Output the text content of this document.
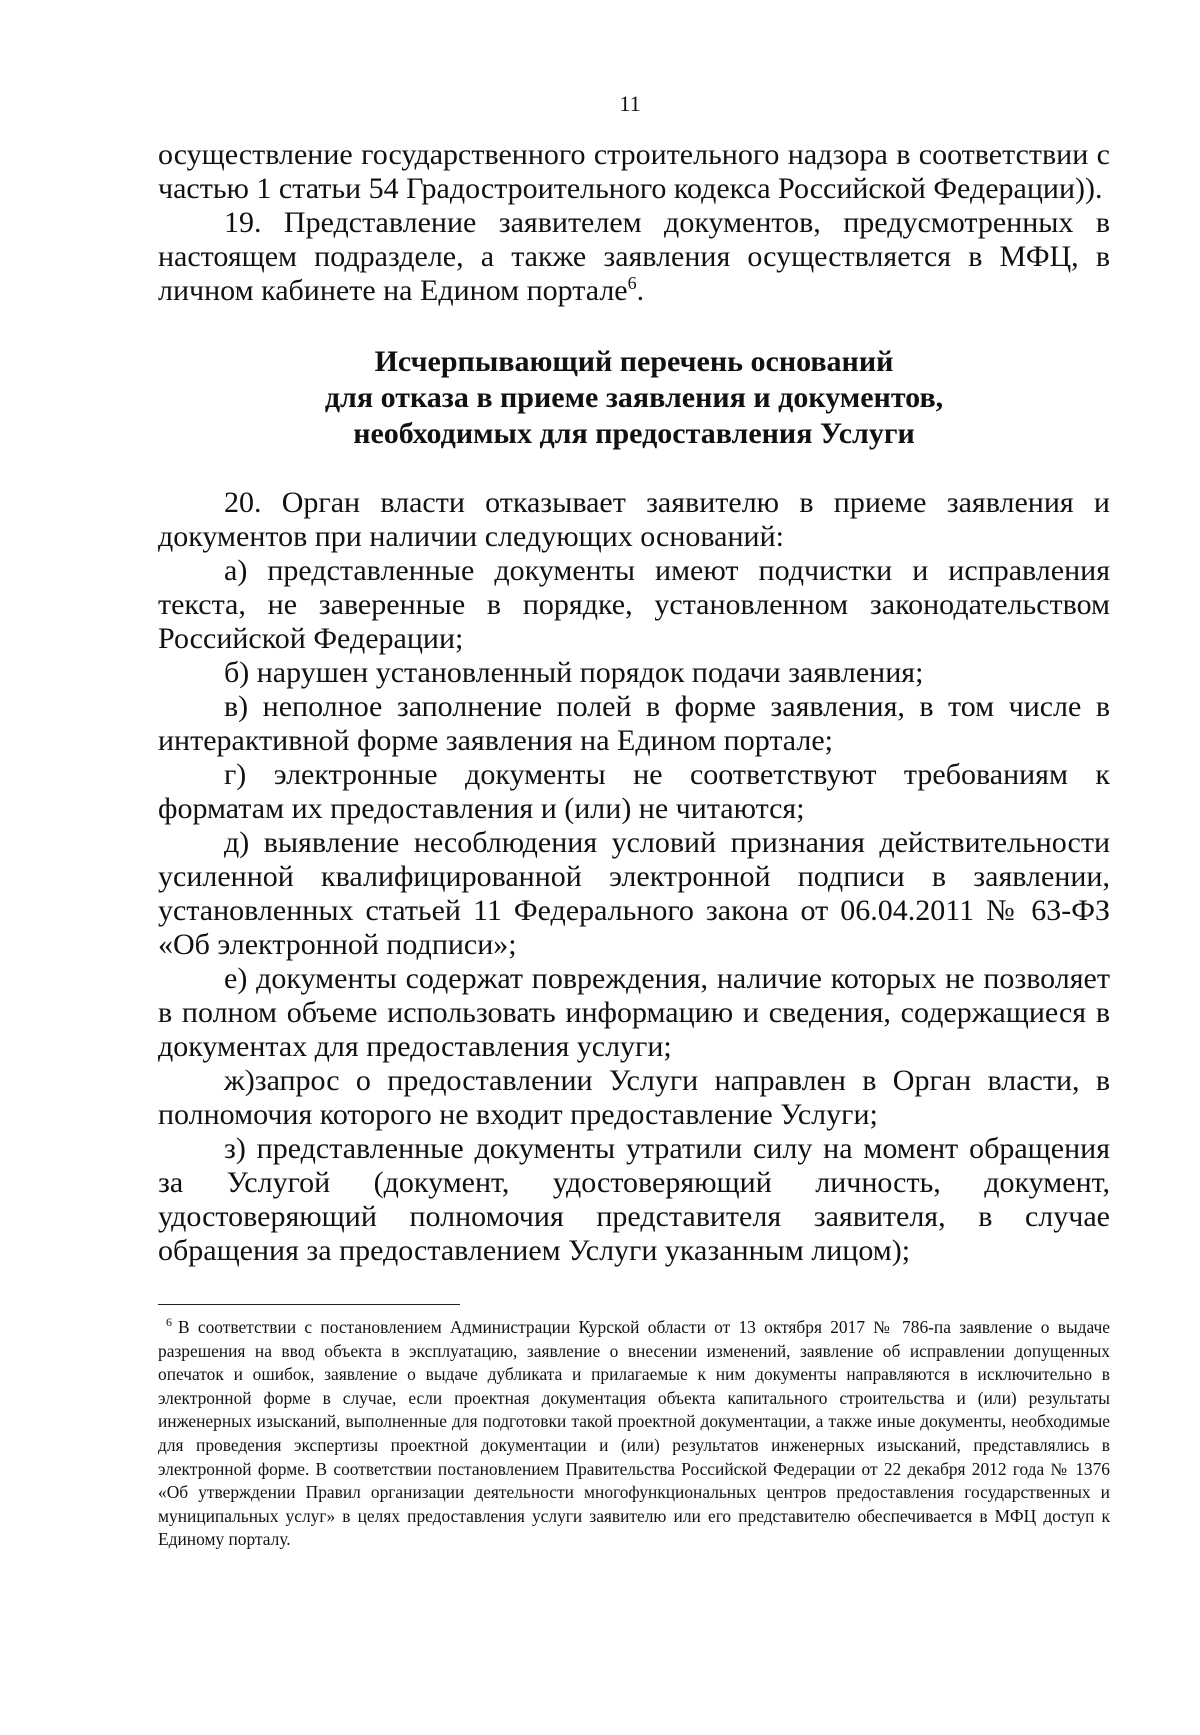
11

осуществление государственного строительного надзора в соответствии с частью 1 статьи 54 Градостроительного кодекса Российской Федерации)).

19. Представление заявителем документов, предусмотренных в настоящем подразделе, а также заявления осуществляется в МФЦ, в личном кабинете на Едином портале$^6$.

Исчерпывающий перечень оснований
для отказа в приеме заявления и документов,
необходимых для предоставления Услуги

20. Орган власти отказывает заявителю в приеме заявления и документов при наличии следующих оснований:

а) представленные документы имеют подчистки и исправления текста, не заверенные в порядке, установленном законодательством Российской Федерации;

б) нарушен установленный порядок подачи заявления;

в) неполное заполнение полей в форме заявления, в том числе в интерактивной форме заявления на Едином портале;

г) электронные документы не соответствуют требованиям к форматам их предоставления и (или) не читаются;

д) выявление несоблюдения условий признания действительности усиленной квалифицированной электронной подписи в заявлении, установленных статьей 11 Федерального закона от 06.04.2011 № 63-ФЗ «Об электронной подписи»;

е) документы содержат повреждения, наличие которых не позволяет в полном объеме использовать информацию и сведения, содержащиеся в документах для предоставления услуги;

ж)запрос о предоставлении Услуги направлен в Орган власти, в полномочия которого не входит предоставление Услуги;

з) представленные документы утратили силу на момент обращения за Услугой (документ, удостоверяющий личность, документ, удостоверяющий полномочия представителя заявителя, в случае обращения за предоставлением Услуги указанным лицом);

$^6$ В соответствии с постановлением Администрации Курской области от 13 октября 2017 № 786-па заявление о выдаче разрешения на ввод объекта в эксплуатацию, заявление о внесении изменений, заявление об исправлении допущенных опечаток и ошибок, заявление о выдаче дубликата и прилагаемые к ним документы направляются в исключительно в электронной форме в случае, если проектная документация объекта капитального строительства и (или) результаты инженерных изысканий, выполненные для подготовки такой проектной документации, а также иные документы, необходимые для проведения экспертизы проектной документации и (или) результатов инженерных изысканий, представлялись в электронной форме. В соответствии постановлением Правительства Российской Федерации от 22 декабря 2012 года № 1376 «Об утверждении Правил организации деятельности многофункциональных центров предоставления государственных и муниципальных услуг» в целях предоставления услуги заявителю или его представителю обеспечивается в МФЦ доступ к Единому порталу.
